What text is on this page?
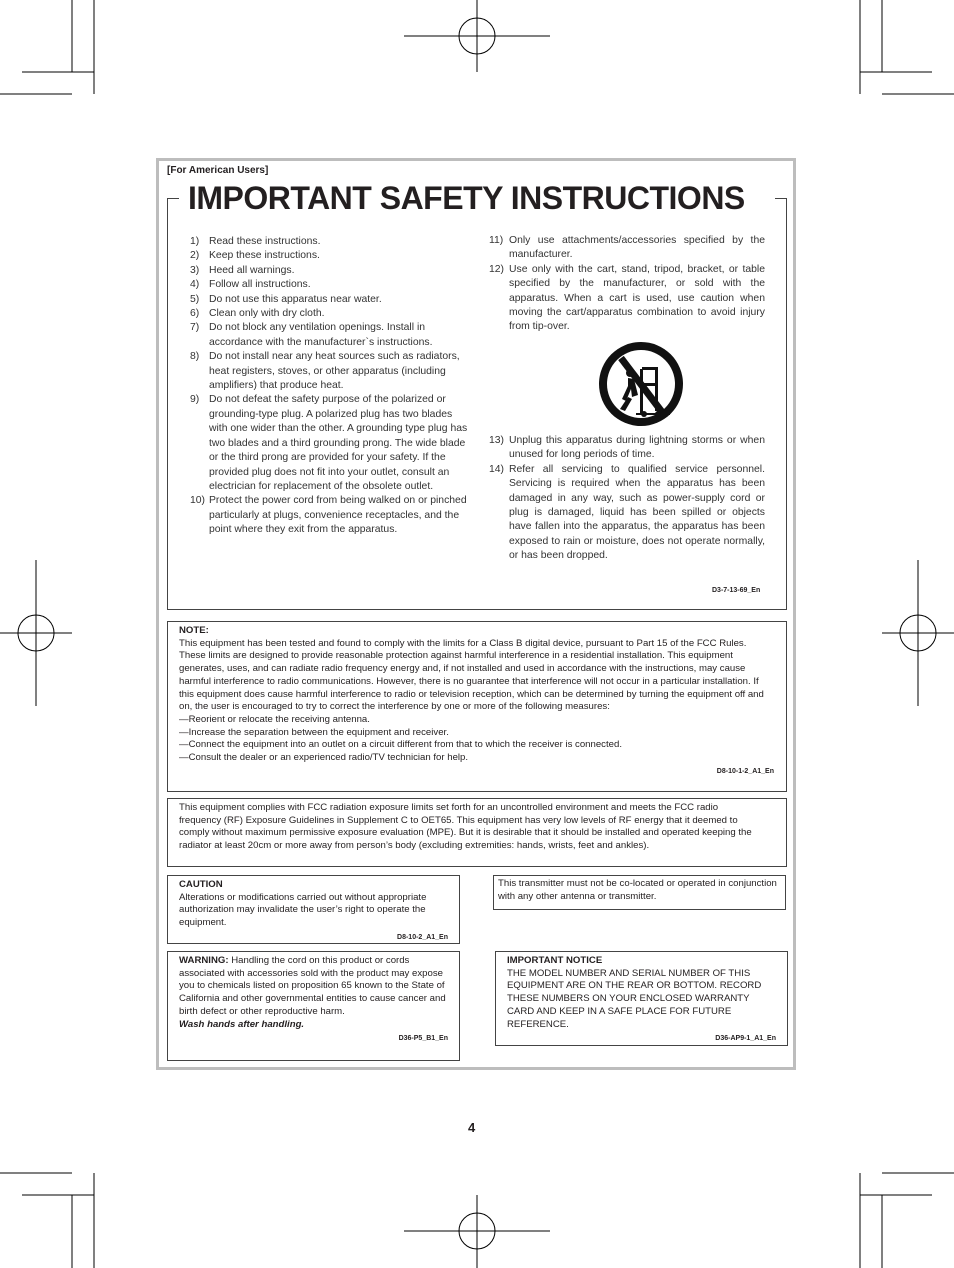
[For American Users]
IMPORTANT SAFETY INSTRUCTIONS
1) Read these instructions.
2) Keep these instructions.
3) Heed all warnings.
4) Follow all instructions.
5) Do not use this apparatus near water.
6) Clean only with dry cloth.
7) Do not block any ventilation openings. Install in accordance with the manufacturer`s instructions.
8) Do not install near any heat sources such as radiators, heat registers, stoves, or other apparatus (including amplifiers) that produce heat.
9) Do not defeat the safety purpose of the polarized or grounding-type plug. A polarized plug has two blades with one wider than the other. A grounding type plug has two blades and a third grounding prong. The wide blade or the third prong are provided for your safety. If the provided plug does not fit into your outlet, consult an electrician for replacement of the obsolete outlet.
10) Protect the power cord from being walked on or pinched particularly at plugs, convenience receptacles, and the point where they exit from the apparatus.
11) Only use attachments/accessories specified by the manufacturer.
12) Use only with the cart, stand, tripod, bracket, or table specified by the manufacturer, or sold with the apparatus. When a cart is used, use caution when moving the cart/apparatus combination to avoid injury from tip-over.
13) Unplug this apparatus during lightning storms or when unused for long periods of time.
14) Refer all servicing to qualified service personnel. Servicing is required when the apparatus has been damaged in any way, such as power-supply cord or plug is damaged, liquid has been spilled or objects have fallen into the apparatus, the apparatus has been exposed to rain or moisture, does not operate normally, or has been dropped.
D3-7-13-69_En
NOTE:

This equipment has been tested and found to comply with the limits for a Class B digital device, pursuant to Part 15 of the FCC Rules. These limits are designed to provide reasonable protection against harmful interference in a residential installation. This equipment generates, uses, and can radiate radio frequency energy and, if not installed and used in accordance with the instructions, may cause harmful interference to radio communications. However, there is no guarantee that interference will not occur in a particular installation. If this equipment does cause harmful interference to radio or television reception, which can be determined by turning the equipment off and on, the user is encouraged to try to correct the interference by one or more of the following measures:

—Reorient or relocate the receiving antenna.
—Increase the separation between the equipment and receiver.
—Connect the equipment into an outlet on a circuit different from that to which the receiver is connected.
—Consult the dealer or an experienced radio/TV technician for help.
D8-10-1-2_A1_En

This equipment complies with FCC radiation exposure limits set forth for an uncontrolled environment and meets the FCC radio frequency (RF) Exposure Guidelines in Supplement C to OET65. This equipment has very low levels of RF energy that it deemed to comply without maximum permissive exposure evaluation (MPE). But it is desirable that it should be installed and operated keeping the radiator at least 20cm or more away from person’s body (excluding extremities: hands, wrists, feet and ankles).

CAUTION

Alterations or modifications carried out without appropriate authorization may invalidate the user’s right to operate the equipment.

D8-10-2_A1_En

This transmitter must not be co-located or operated in conjunction with any other antenna or transmitter.

WARNING: Handling the cord on this product or cords associated with accessories sold with the product may expose you to chemicals listed on proposition 65 known to the State of California and other governmental entities to cause cancer and birth defect or other reproductive harm.

Wash hands after handling.

D36-P5_B1_En
IMPORTANT NOTICE

THE MODEL NUMBER AND SERIAL NUMBER OF THIS EQUIPMENT ARE ON THE REAR OR BOTTOM. RECORD THESE NUMBERS ON YOUR ENCLOSED WARRANTY CARD AND KEEP IN A SAFE PLACE FOR FUTURE REFERENCE.

D36-AP9-1_A1_En
4
